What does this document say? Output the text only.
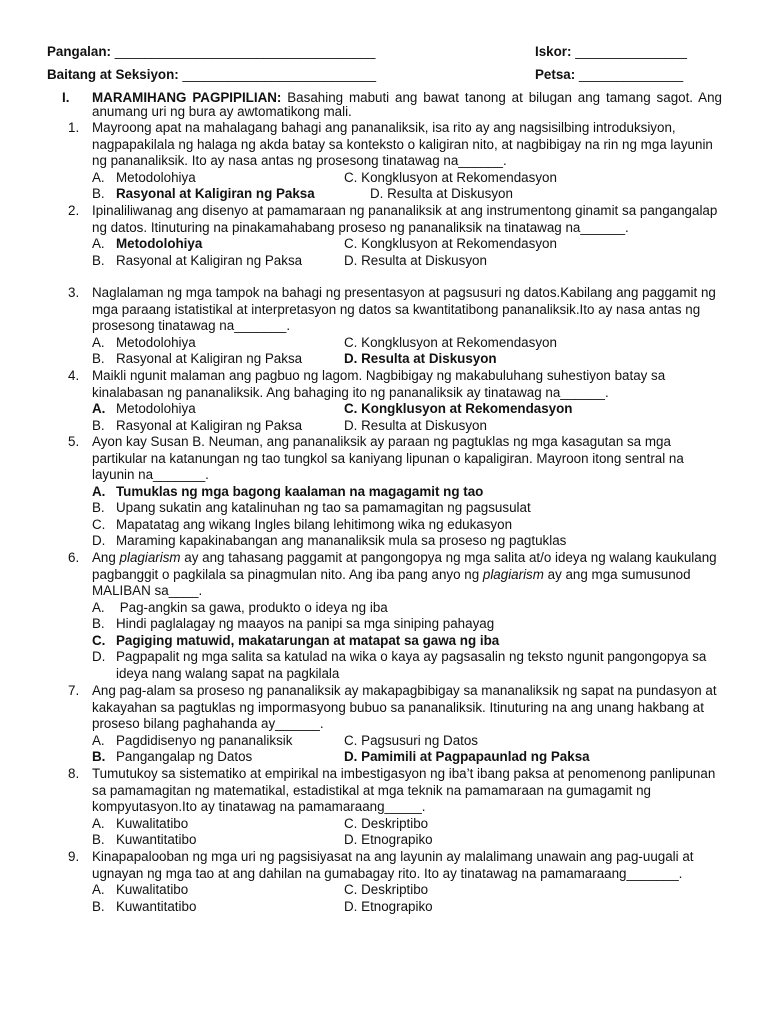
Pangalan: ___________________________________	Iskor: _______________
Baitang at Seksiyon: __________________________	Petsa: ______________
I. MARAMIHANG PAGPIPILIAN: Basahing mabuti ang bawat tanong at bilugan ang tamang sagot. Ang anumang uri ng bura ay awtomatikong mali.
1. Mayroong apat na mahalagang bahagi ang pananaliksik, isa rito ay ang nagsisilbing introduksiyon, nagpapakilala ng halaga ng akda batay sa konteksto o kaligiran nito, at nagbibigay na rin ng mga layunin ng pananaliksik. Ito ay nasa antas ng prosesong tinatawag na______.
A. Metodolohiya	C. Kongklusyon at Rekomendasyon
B. Rasyonal at Kaligiran ng Paksa	D. Resulta at Diskusyon
2. Ipinaliliwanag ang disenyo at pamamaraan ng pananaliksik at ang instrumentong ginamit sa pangangalap ng datos. Itinuturing na pinakamahabang proseso ng pananaliksik na tinatawag na______.
A. Metodolohiya	C. Kongklusyon at Rekomendasyon
B. Rasyonal at Kaligiran ng Paksa	D. Resulta at Diskusyon
3. Naglalaman ng mga tampok na bahagi ng presentasyon at pagsusuri ng datos.Kabilang ang paggamit ng mga paraang istatistikal at interpretasyon ng datos sa kwantitatibong pananaliksik.Ito ay nasa antas ng prosesong tinatawag na_______.
A. Metodolohiya	C. Kongklusyon at Rekomendasyon
B. Rasyonal at Kaligiran ng Paksa	D. Resulta at Diskusyon
4. Maikli ngunit malaman ang pagbuo ng lagom. Nagbibigay ng makabuluhang suhestiyon batay sa kinalabasan ng pananaliksik. Ang bahaging ito ng pananaliksik ay tinatawag na______.
A. Metodolohiya	C. Kongklusyon at Rekomendasyon
B. Rasyonal at Kaligiran ng Paksa	D. Resulta at Diskusyon
5. Ayon kay Susan B. Neuman, ang pananaliksik ay paraan ng pagtuklas ng mga kasagutan sa mga partikular na katanungan ng tao tungkol sa kaniyang lipunan o kapaligiran. Mayroon itong sentral na layunin na_______.
A. Tumuklas ng mga bagong kaalaman na magagamit ng tao
B. Upang sukatin ang katalinuhan ng tao sa pamamagitan ng pagsusulat
C. Mapatatag ang wikang Ingles bilang lehitimong wika ng edukasyon
D. Maraming kapakinabangan ang mananaliksik mula sa proseso ng pagtuklas
6. Ang plagiarism ay ang tahasang paggamit at pangongopya ng mga salita at/o ideya ng walang kaukulang pagbanggit o pagkilala sa pinagmulan nito. Ang iba pang anyo ng plagiarism ay ang mga sumusunod MALIBAN sa____.
A. Pag-angkin sa gawa, produkto o ideya ng iba
B. Hindi paglalagay ng maayos na panipi sa mga siniping pahayag
C. Pagiging matuwid, makatarungan at matapat sa gawa ng iba
D. Pagpapalit ng mga salita sa katulad na wika o kaya ay pagsasalin ng teksto ngunit pangongopya sa ideya nang walang sapat na pagkilala
7. Ang pag-alam sa proseso ng pananaliksik ay makapagbibigay sa mananaliksik ng sapat na pundasyon at kakayahan sa pagtuklas ng impormasyong bubuo sa pananaliksik. Itinuturing na ang unang hakbang at proseso bilang paghahanda ay______.
A. Pagdidisenyo ng pananaliksik	C. Pagsusuri ng Datos
B. Pangangalap ng Datos	D. Pamimili at Pagpapaunlad ng Paksa
8. Tumutukoy sa sistematiko at empirikal na imbestigasyon ng iba’t ibang paksa at penomenong panlipunan sa pamamagitan ng matematikal, estadistikal at mga teknik na pamamaraan na gumagamit ng kompyutasyon.Ito ay tinatawag na pamamaraang_____.
A. Kuwalitatibo	C. Deskriptibo
B. Kuwantitatibo	D. Etnograpiko
9. Kinapapalooban ng mga uri ng pagsisiyasat na ang layunin ay malalimang unawain ang pag-uugali at ugnayan ng mga tao at ang dahilan na gumabagay rito. Ito ay tinatawag na pamamaraang_______.
A. Kuwalitatibo	C. Deskriptibo
B. Kuwantitatibo	D. Etnograpiko
